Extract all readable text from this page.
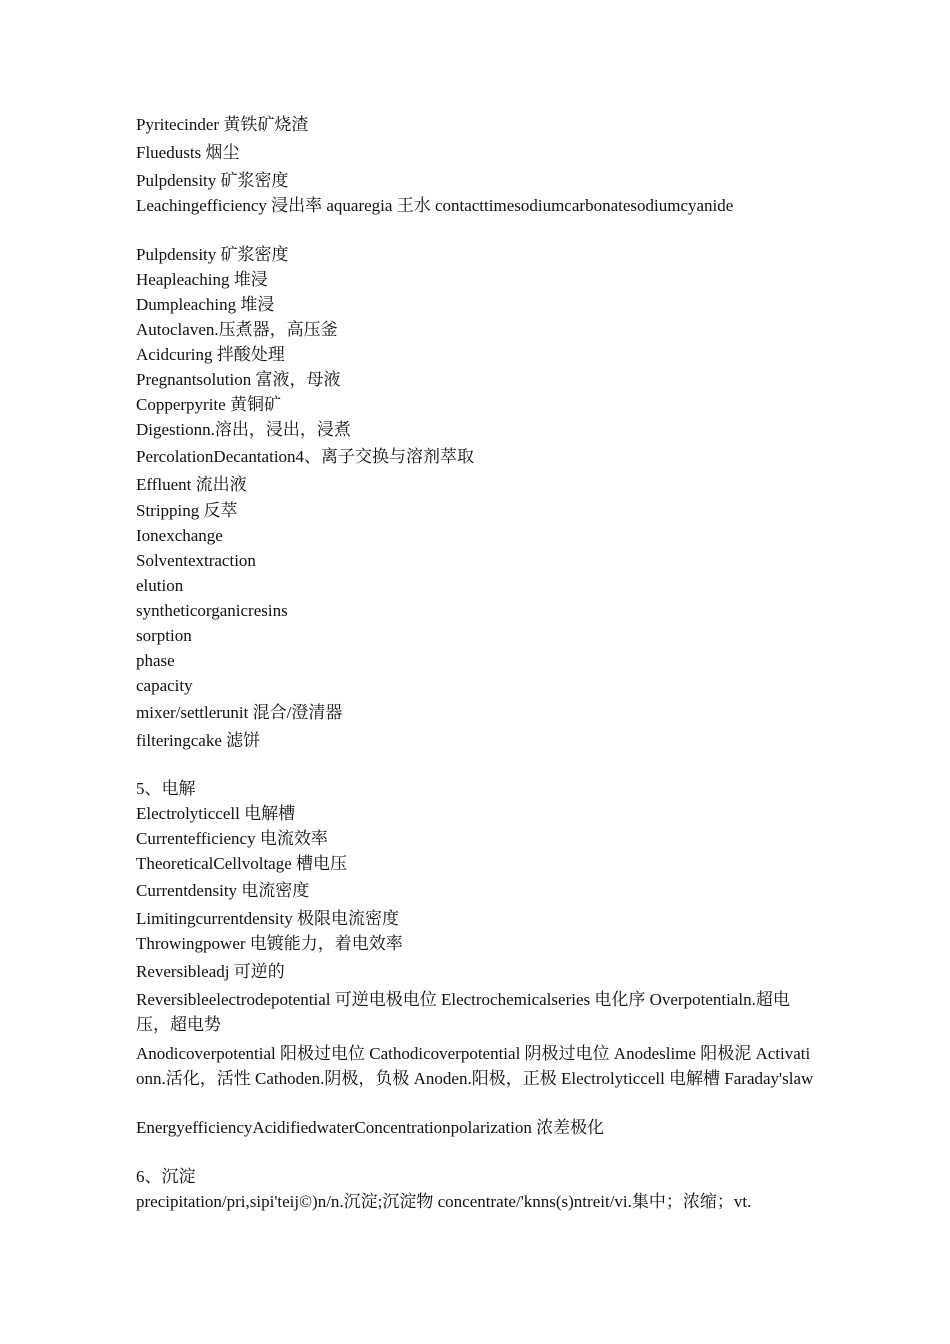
Pyritecinder 黄铁矿烧渣
Fluedusts 烟尘
Pulpdensity 矿浆密度
Leachingefficiency 浸出率 aquaregia 王水 contacttimesodiumcarbonatesodiumcyanide
Pulpdensity 矿浆密度
Heapleaching 堆浸
Dumpleaching 堆浸
Autoclaven.压煮器，高压釜
Acidcuring 拌酸处理
Pregnantsolution 富液，母液
Copperpyrite 黄铜矿
Digestionn.溶出，浸出，浸煮
PercolationDecantation4、离子交换与溶剂萃取
Effluent 流出液
Stripping 反萃
Ionexchange
Solventextraction
elution
syntheticorganicresins
sorption
phase
capacity
mixer/settlerunit 混合/澄清器
filteringcake 滤饼
5、电解
Electrolyticcell 电解槽
Currentefficiency 电流效率
TheoreticalCellvoltage 槽电压
Currentdensity 电流密度
Limitingcurrentdensity 极限电流密度
Throwingpower 电镀能力，着电效率
Reversibleadj 可逆的
Reversibleelectrodepotential 可逆电极电位 Electrochemicalseries 电化序 Overpotentialn.超电压，超电势
Anodicoverpotential 阳极过电位 Cathodicoverpotential 阴极过电位 Anodeslime 阳极泥 Activationn.活化，活性 Cathoden.阴极，负极 Anoden.阳极，正极 Electrolyticcell 电解槽 Faraday'slaw
EnergyefficiencyAcidifiedwaterConcentrationpolarization 浓差极化
6、沉淀
precipitation/pri,sipi'teij©)n/n.沉淀;沉淀物 concentrate/'knns(s)ntreit/vi.集中；浓缩；vt.
